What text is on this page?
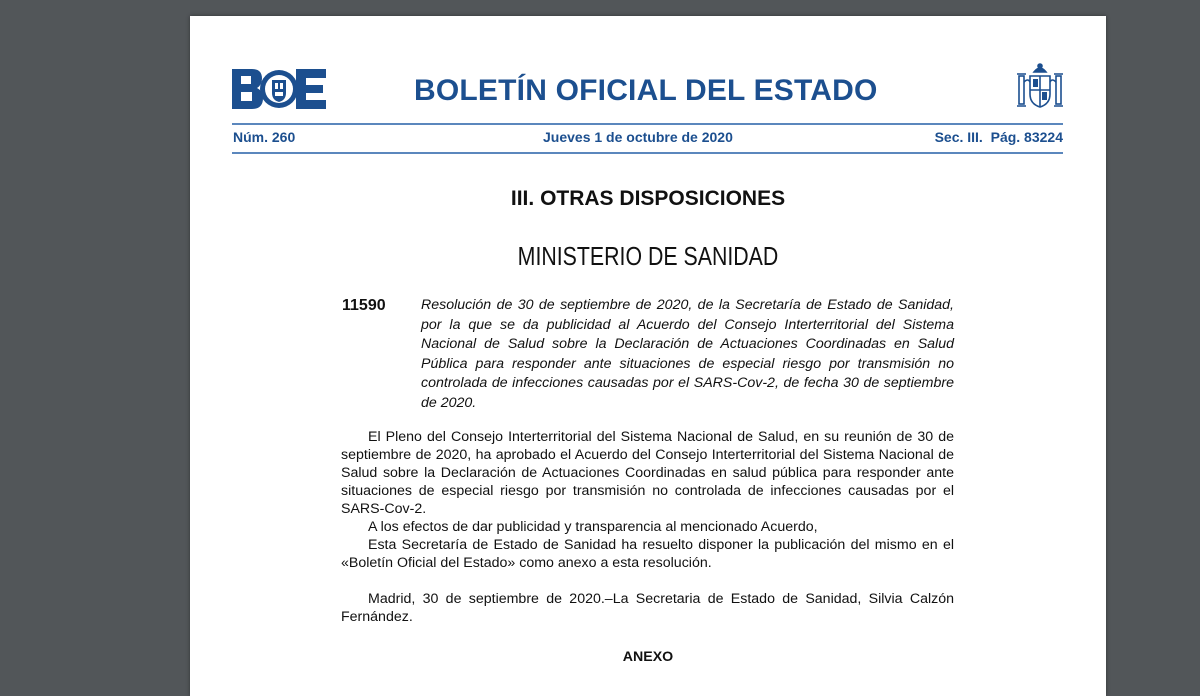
BOLETÍN OFICIAL DEL ESTADO
Núm. 260	Jueves 1 de octubre de 2020	Sec. III.  Pág. 83224
III. OTRAS DISPOSICIONES
MINISTERIO DE SANIDAD
11590 Resolución de 30 de septiembre de 2020, de la Secretaría de Estado de Sanidad, por la que se da publicidad al Acuerdo del Consejo Interterritorial del Sistema Nacional de Salud sobre la Declaración de Actuaciones Coordinadas en Salud Pública para responder ante situaciones de especial riesgo por transmisión no controlada de infecciones causadas por el SARS-Cov-2, de fecha 30 de septiembre de 2020.

El Pleno del Consejo Interterritorial del Sistema Nacional de Salud, en su reunión de 30 de septiembre de 2020, ha aprobado el Acuerdo del Consejo Interterritorial del Sistema Nacional de Salud sobre la Declaración de Actuaciones Coordinadas en salud pública para responder ante situaciones de especial riesgo por transmisión no controlada de infecciones causadas por el SARS-Cov-2.

A los efectos de dar publicidad y transparencia al mencionado Acuerdo,

Esta Secretaría de Estado de Sanidad ha resuelto disponer la publicación del mismo en el «Boletín Oficial del Estado» como anexo a esta resolución.

Madrid, 30 de septiembre de 2020.–La Secretaria de Estado de Sanidad, Silvia Calzón Fernández.

ANEXO
